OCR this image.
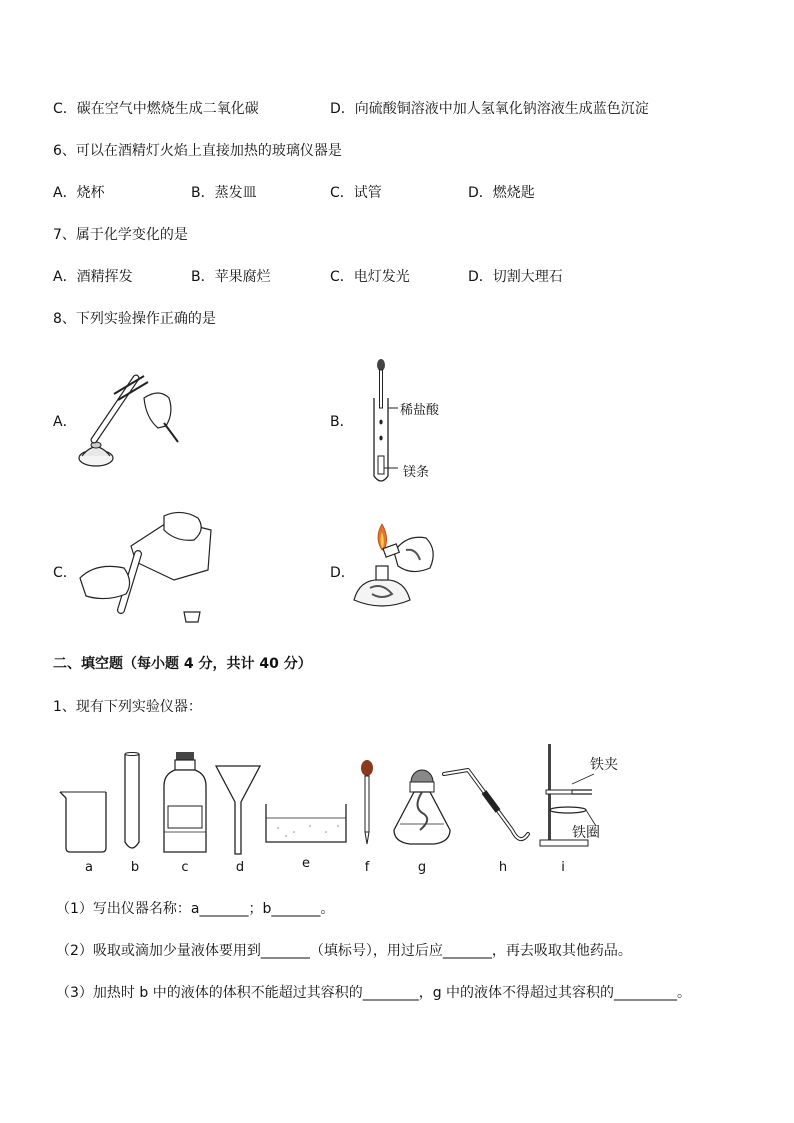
C．碳在空气中燃烧生成二氧化碳	D．向硫酸铜溶液中加人氢氧化钠溶液生成蓝色沉淀
6、可以在酒精灯火焰上直接加热的玻璃仪器是
A．烧杯	B．蒸发皿	C．试管	D．燃烧匙
7、属于化学变化的是
A．酒精挥发	B．苹果腐烂	C．电灯发光	D．切割大理石
8、下列实验操作正确的是
A．	B．
稀盐酸
镁条
C．	D．
二、填空题（每小题 4 分，共计 40 分）
1、现有下列实验仪器：
a	b	c	d	e	f	g	h	i
铁夹
铁圈
（1）写出仪器名称：a_______；b_______。
（2）吸取或滴加少量液体要用到_______（填标号），用过后应_______，再去吸取其他药品。
（3）加热时 b 中的液体的体积不能超过其容积的________，g 中的液体不得超过其容积的_________。
